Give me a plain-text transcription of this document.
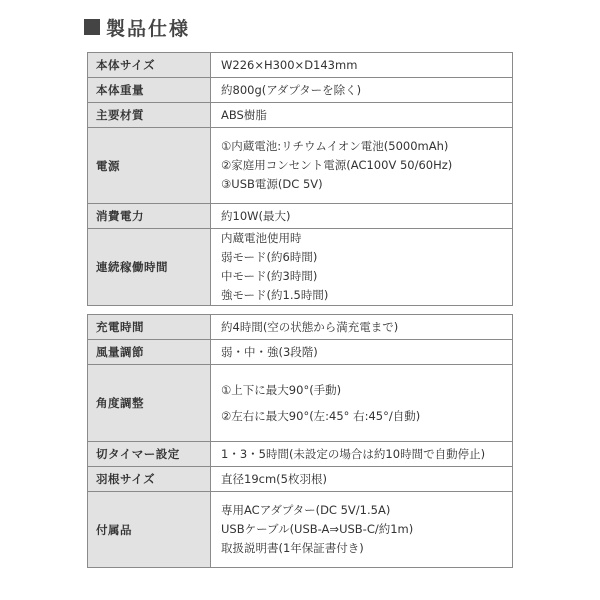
製品仕様
本体サイズ	W226×H300×D143mm

本体重量	約800g(アダプターを除く)

主要材質	ABS樹脂

電源	①内蔵電池:リチウムイオン電池(5000mAh)
②家庭用コンセント電源(AC100V 50/60Hz)
③USB電源(DC 5V)

消費電力	約10W(最大)

連続稼働時間	内蔵電池使用時
弱モード(約6時間)
中モード(約3時間)
強モード(約1.5時間)
充電時間	約4時間(空の状態から満充電まで)

風量調節	弱・中・強(3段階)

角度調整	①上下に最大90°(手動)
②左右に最大90°(左:45° 右:45°/自動)

切タイマー設定	1・3・5時間(未設定の場合は約10時間で自動停止)

羽根サイズ	直径19cm(5枚羽根)

付属品	専用ACアダプター(DC 5V/1.5A)
USBケーブル(USB-A⇒USB-C/約1m)
取扱説明書(1年保証書付き)
